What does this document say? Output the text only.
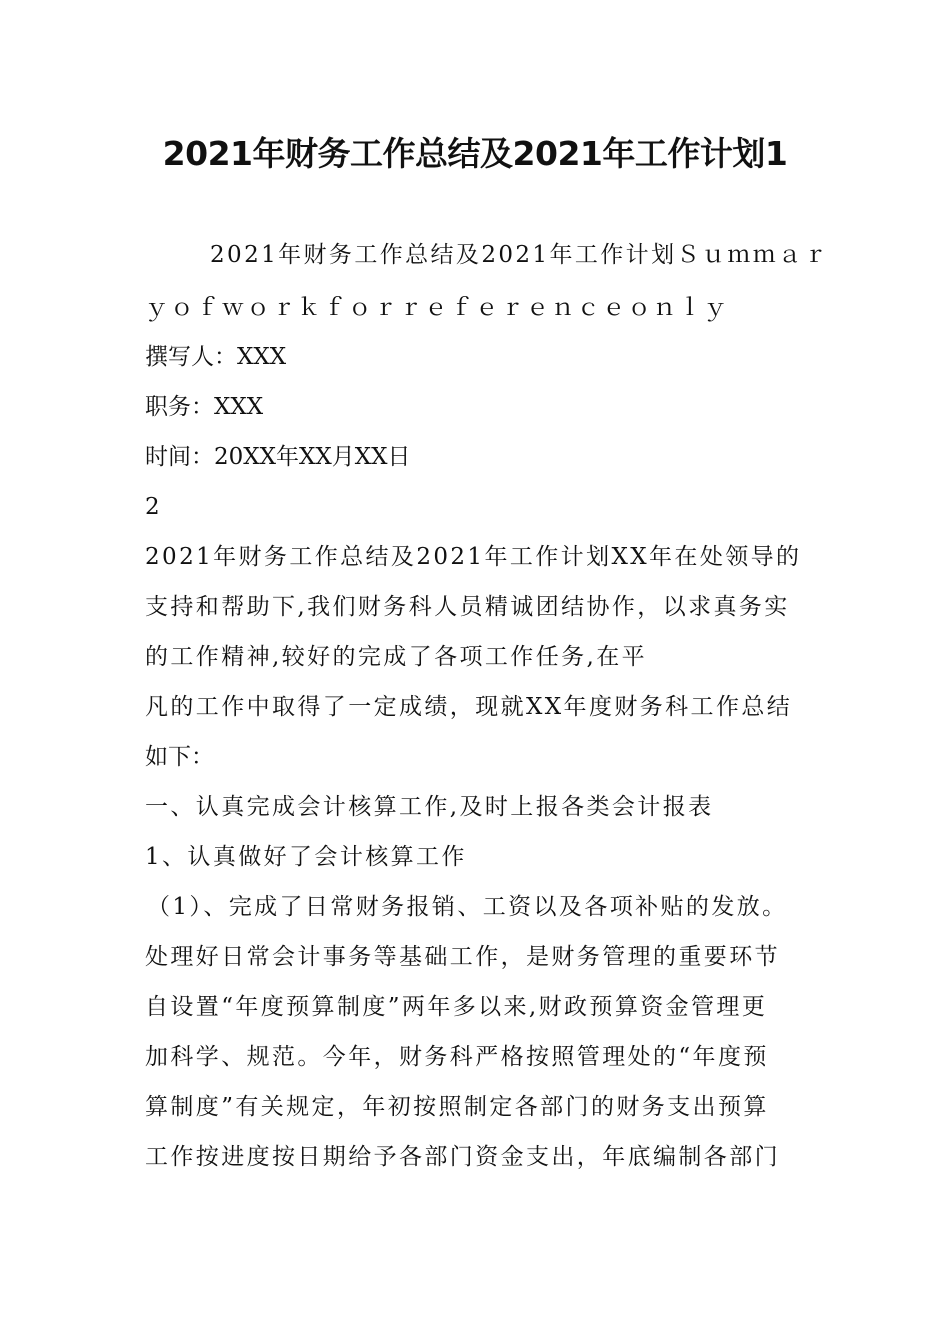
2021年财务工作总结及2021年工作计划1
2021年财务工作总结及2021年工作计划Ｓｕｍｍａｒ
ｙｏｆｗｏｒｋｆｏｒｒｅｆｅｒｅｎｃｅｏｎｌｙ
撰写人：XXX
职务：XXX
时间：20XX年XX月XX日
2
2021年财务工作总结及2021年工作计划XX年在处领导的
支持和帮助下,我们财务科人员精诚团结协作，以求真务实
的工作精神,较好的完成了各项工作任务,在平
凡的工作中取得了一定成绩，现就XX年度财务科工作总结
如下：
一、认真完成会计核算工作,及时上报各类会计报表
1、认真做好了会计核算工作
（1）、完成了日常财务报销、工资以及各项补贴的发放。
处理好日常会计事务等基础工作，是财务管理的重要环节
自设置“年度预算制度”两年多以来,财政预算资金管理更
加科学、规范。今年，财务科严格按照管理处的“年度预
算制度”有关规定，年初按照制定各部门的财务支出预算
工作按进度按日期给予各部门资金支出，年底编制各部门
